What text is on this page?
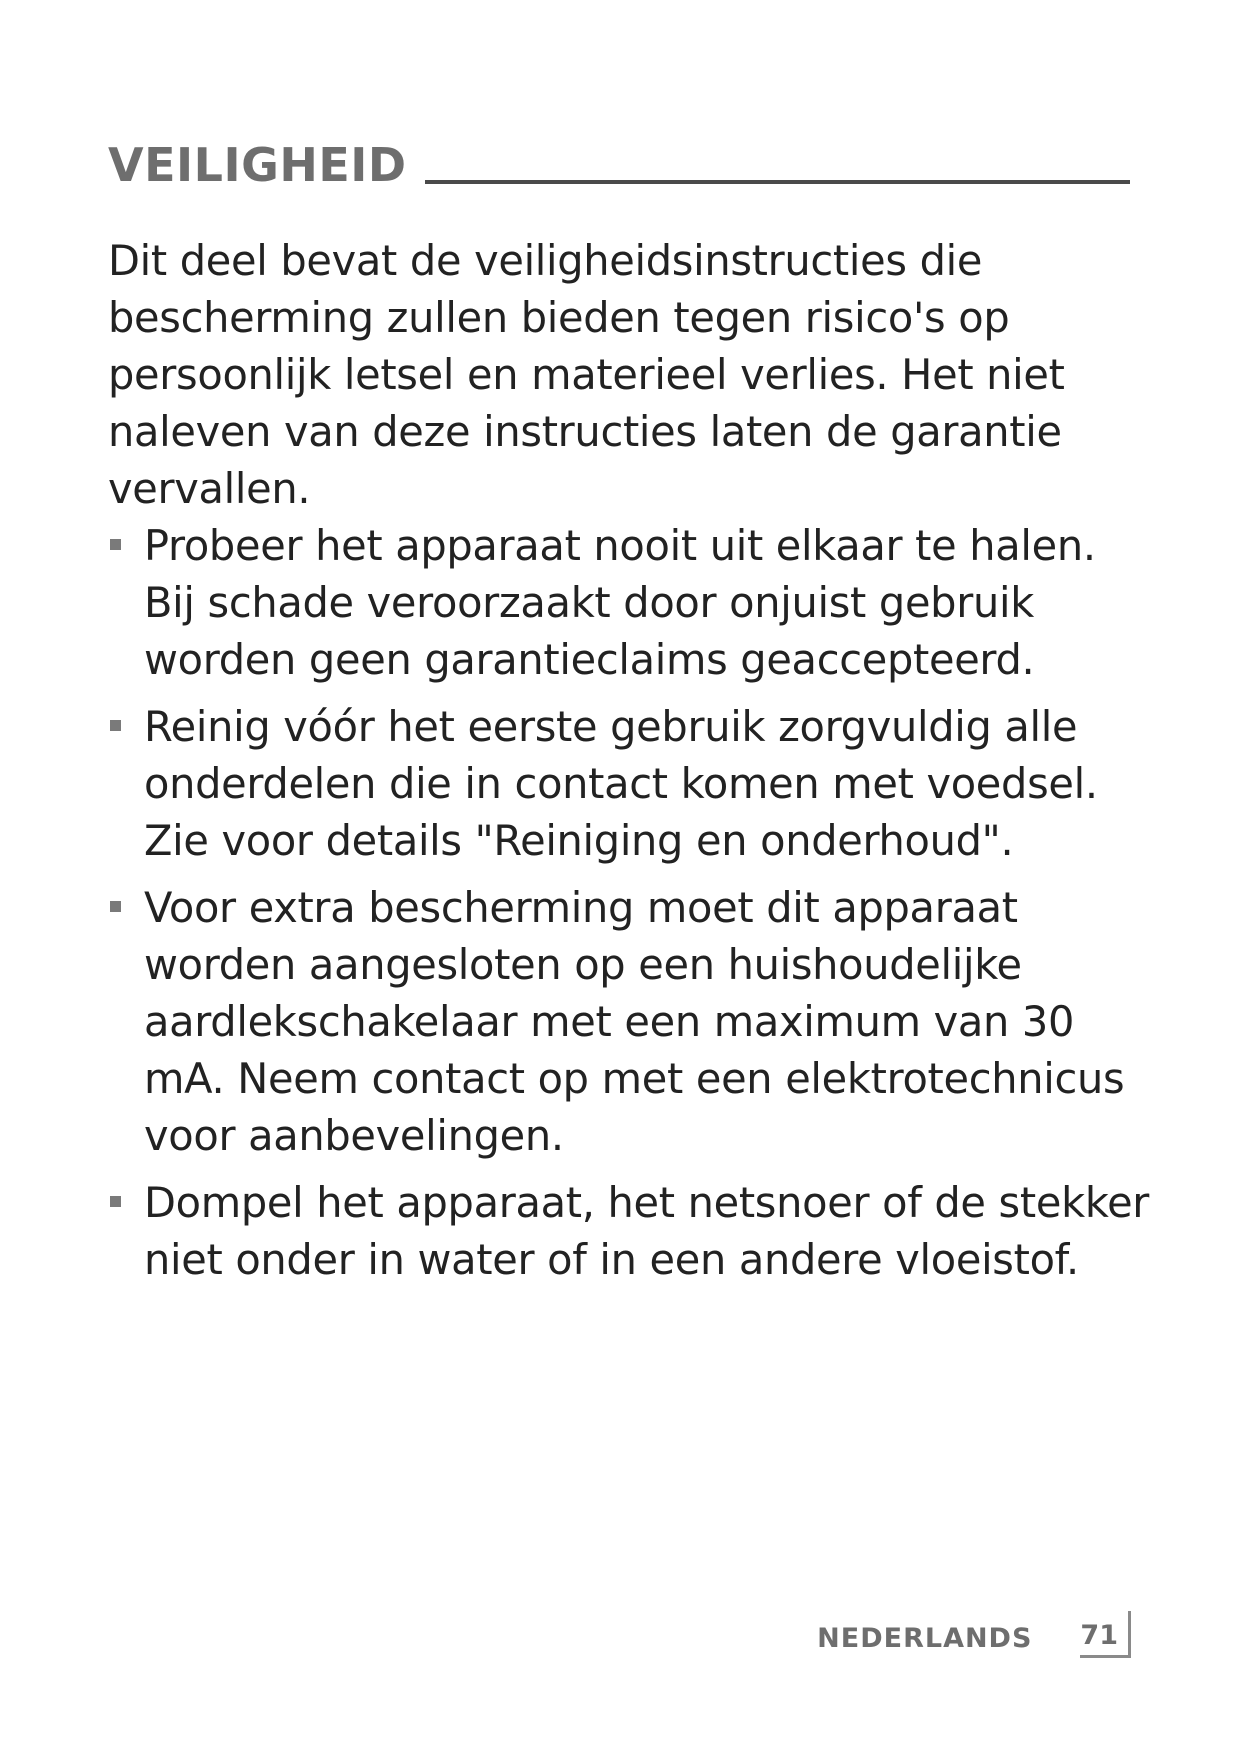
VEILIGHEID

Dit deel bevat de veiligheidsinstructies die bescherming zullen bieden tegen risico's op persoonlijk letsel en materieel verlies. Het niet naleven van deze instructies laten de garantie vervallen.

Probeer het apparaat nooit uit elkaar te halen. Bij schade veroorzaakt door onjuist gebruik worden geen garantieclaims geaccepteerd.
Reinig vóór het eerste gebruik zorgvuldig alle onderdelen die in contact komen met voedsel. Zie voor details "Reiniging en onderhoud".
Voor extra bescherming moet dit apparaat worden aangesloten op een huishoudelijke aardlekschakelaar met een maximum van 30 mA. Neem contact op met een elektrotechnicus voor aanbevelingen.
Dompel het apparaat, het netsnoer of de stekker niet onder in water of in een andere vloeistof.
NEDERLANDS 71
